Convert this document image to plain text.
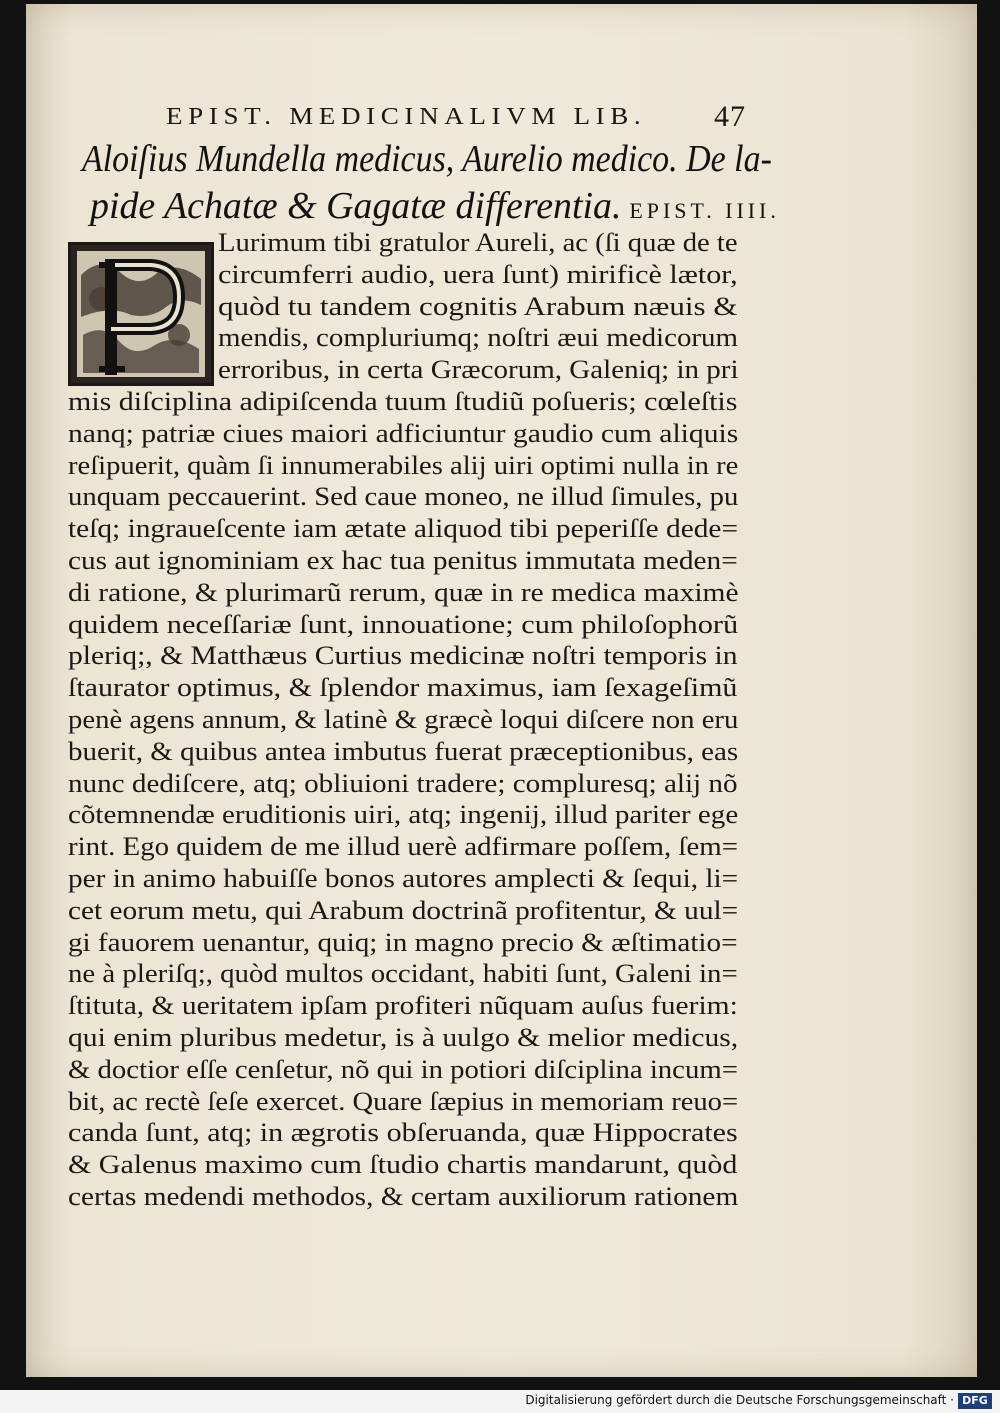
EPIST. MEDICINALIVM LIB. 47
Aloiſius Mundella medicus, Aurelio medico. De la-
pide Achatæ & Gagatæ differentia. EPIST. IIII.
Lurimum tibi gratulor Aureli, ac (ſi quæ de te
circumferri audio, uera ſunt) mirificè lætor,
quòd tu tandem cognitis Arabum næuis &
mendis, compluriumq; noſtri æui medicorum
erroribus, in certa Græcorum, Galeniq; in pri
mis diſciplina adipiſcenda tuum ſtudiũ poſueris; cœleſtis
nanq; patriæ ciues maiori adficiuntur gaudio cum aliquis
reſipuerit, quàm ſi innumerabiles alij uiri optimi nulla in re
unquam peccauerint. Sed caue moneo, ne illud ſimules, pu
teſq; ingraueſcente iam ætate aliquod tibi peperiſſe dede=
cus aut ignominiam ex hac tua penitus immutata meden=
di ratione, & plurimarũ rerum, quæ in re medica maximè
quidem neceſſariæ ſunt, innouatione; cum philoſophorũ
pleriq;, & Matthæus Curtius medicinæ noſtri temporis in
ſtaurator optimus, & ſplendor maximus, iam ſexageſimũ
penè agens annum, & latinè & græcè loqui diſcere non eru
buerit, & quibus antea imbutus fuerat præceptionibus, eas
nunc dediſcere, atq; obliuioni tradere; compluresq; alij nõ
cõtemnendæ eruditionis uiri, atq; ingenij, illud pariter ege
rint. Ego quidem de me illud uerè adfirmare poſſem, ſem=
per in animo habuiſſe bonos autores amplecti & ſequi, li=
cet eorum metu, qui Arabum doctrinã profitentur, & uul=
gi fauorem uenantur, quiq; in magno precio & æſtimatio=
ne à pleriſq;, quòd multos occidant, habiti ſunt, Galeni in=
ſtituta, & ueritatem ipſam profiteri nũquam auſus fuerim:
qui enim pluribus medetur, is à uulgo & melior medicus,
& doctior eſſe cenſetur, nõ qui in potiori diſciplina incum=
bit, ac rectè ſeſe exercet. Quare ſæpius in memoriam reuo=
canda ſunt, atq; in ægrotis obſeruanda, quæ Hippocrates
& Galenus maximo cum ſtudio chartis mandarunt, quòd
certas medendi methodos, & certam auxiliorum rationem
Digitalisierung gefördert durch die Deutsche Forschungsgemeinschaft · DFG
